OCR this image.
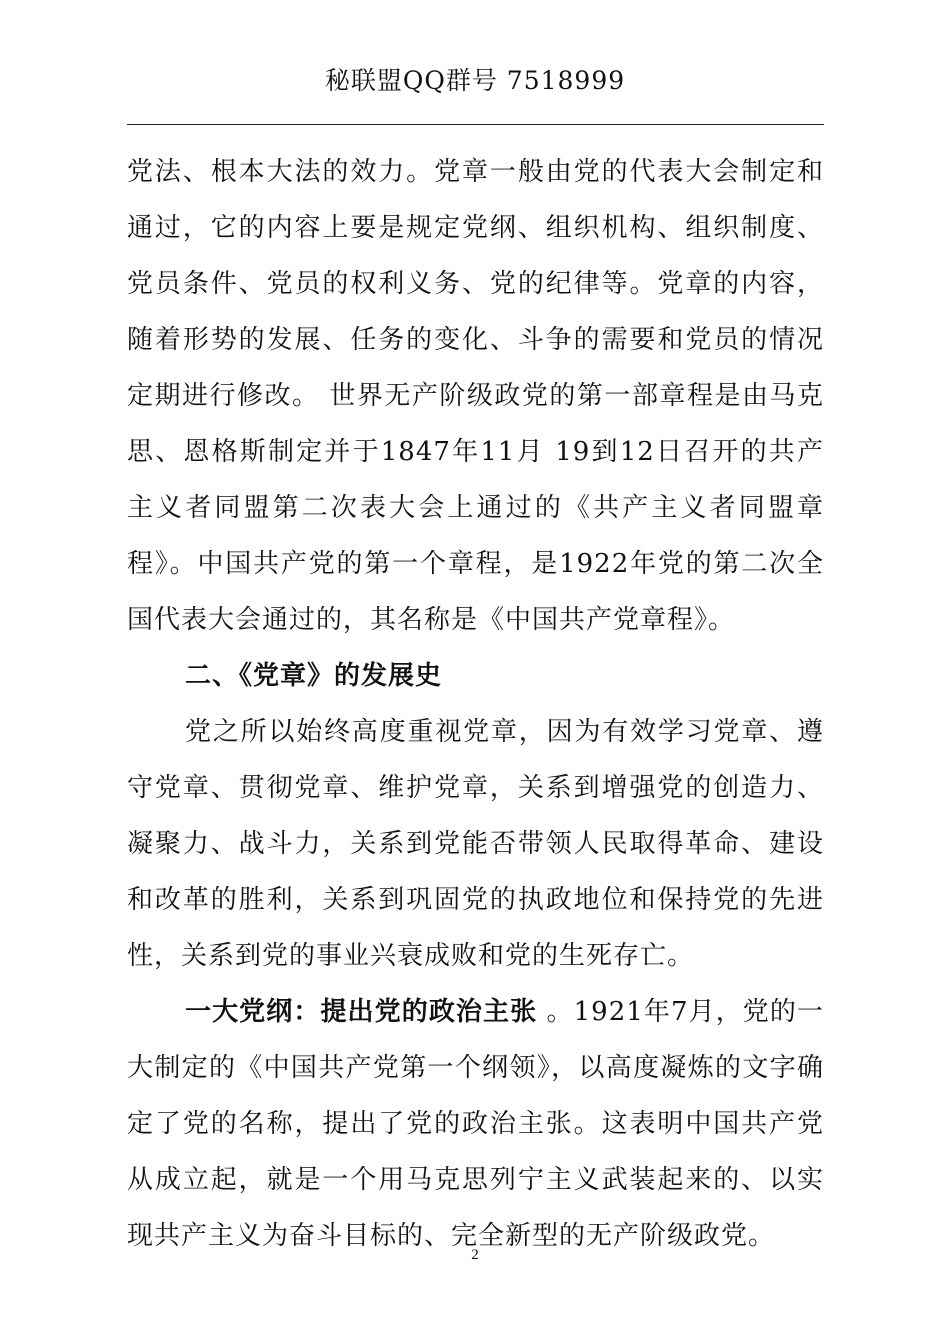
秘联盟QQ群号 7518999

党法、根本大法的效力。党章一般由党的代表大会制定和通过，它的内容上要是规定党纲、组织机构、组织制度、党员条件、党员的权利义务、党的纪律等。党章的内容，随着形势的发展、任务的变化、斗争的需要和党员的情况定期进行修改。 世界无产阶级政党的第一部章程是由马克思、恩格斯制定并于1847年11月 19到12日召开的共产主义者同盟第二次表大会上通过的《共产主义者同盟章程》。中国共产党的第一个章程，是1922年党的第二次全国代表大会通过的，其名称是《中国共产党章程》。

二、《党章》的发展史

党之所以始终高度重视党章，因为有效学习党章、遵守党章、贯彻党章、维护党章，关系到增强党的创造力、凝聚力、战斗力，关系到党能否带领人民取得革命、建设和改革的胜利，关系到巩固党的执政地位和保持党的先进性，关系到党的事业兴衰成败和党的生死存亡。

一大党纲：提出党的政治主张 。1921年7月，党的一大制定的《中国共产党第一个纲领》，以高度凝炼的文字确定了党的名称，提出了党的政治主张。这表明中国共产党从成立起，就是一个用马克思列宁主义武装起来的、以实现共产主义为奋斗目标的、完全新型的无产阶级政党。

2
